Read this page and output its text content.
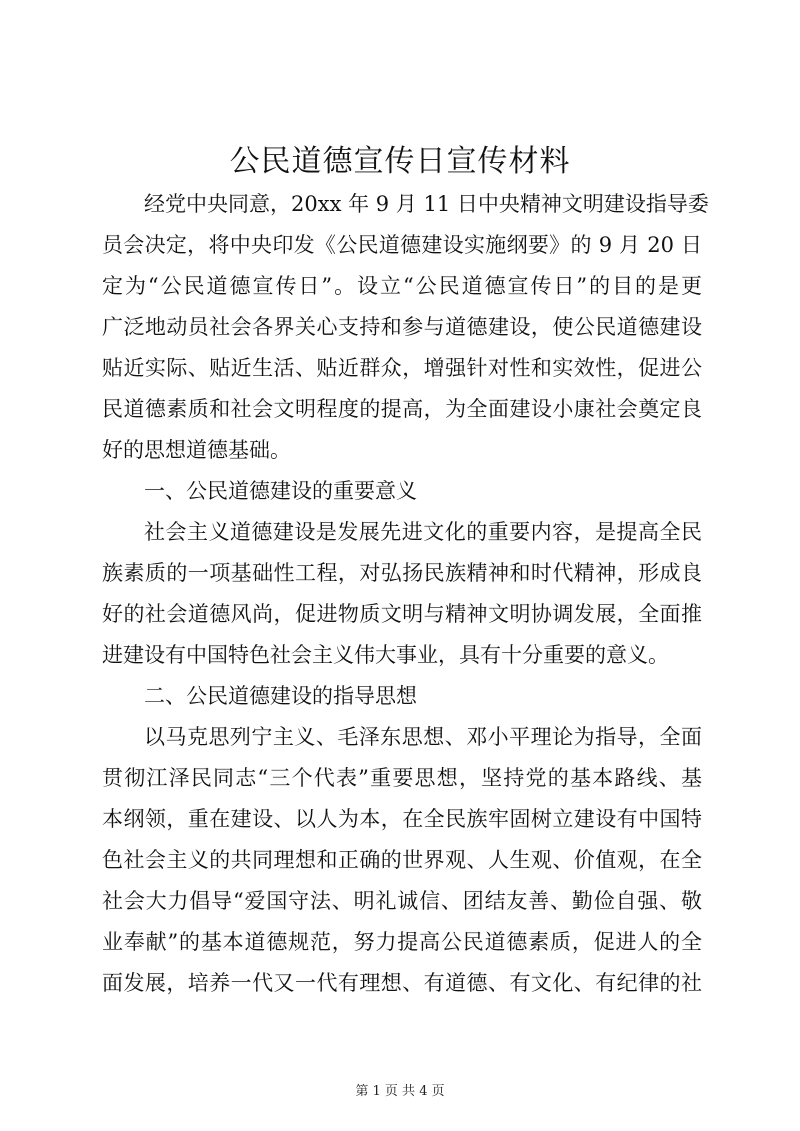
公民道德宣传日宣传材料
经党中央同意，20xx 年 9 月 11 日中央精神文明建设指导委
员会决定，将中央印发《公民道德建设实施纲要》的 9 月 20 日
定为“公民道德宣传日”。设立“公民道德宣传日”的目的是更
广泛地动员社会各界关心支持和参与道德建设，使公民道德建设
贴近实际、贴近生活、贴近群众，增强针对性和实效性，促进公
民道德素质和社会文明程度的提高，为全面建设小康社会奠定良
好的思想道德基础。
一、公民道德建设的重要意义
社会主义道德建设是发展先进文化的重要内容，是提高全民
族素质的一项基础性工程，对弘扬民族精神和时代精神，形成良
好的社会道德风尚，促进物质文明与精神文明协调发展，全面推
进建设有中国特色社会主义伟大事业，具有十分重要的意义。
二、公民道德建设的指导思想
以马克思列宁主义、毛泽东思想、邓小平理论为指导，全面
贯彻江泽民同志“三个代表”重要思想，坚持党的基本路线、基
本纲领，重在建设、以人为本，在全民族牢固树立建设有中国特
色社会主义的共同理想和正确的世界观、人生观、价值观，在全
社会大力倡导“爱国守法、明礼诚信、团结友善、勤俭自强、敬
业奉献”的基本道德规范，努力提高公民道德素质，促进人的全
面发展，培养一代又一代有理想、有道德、有文化、有纪律的社
第 1 页 共 4 页
